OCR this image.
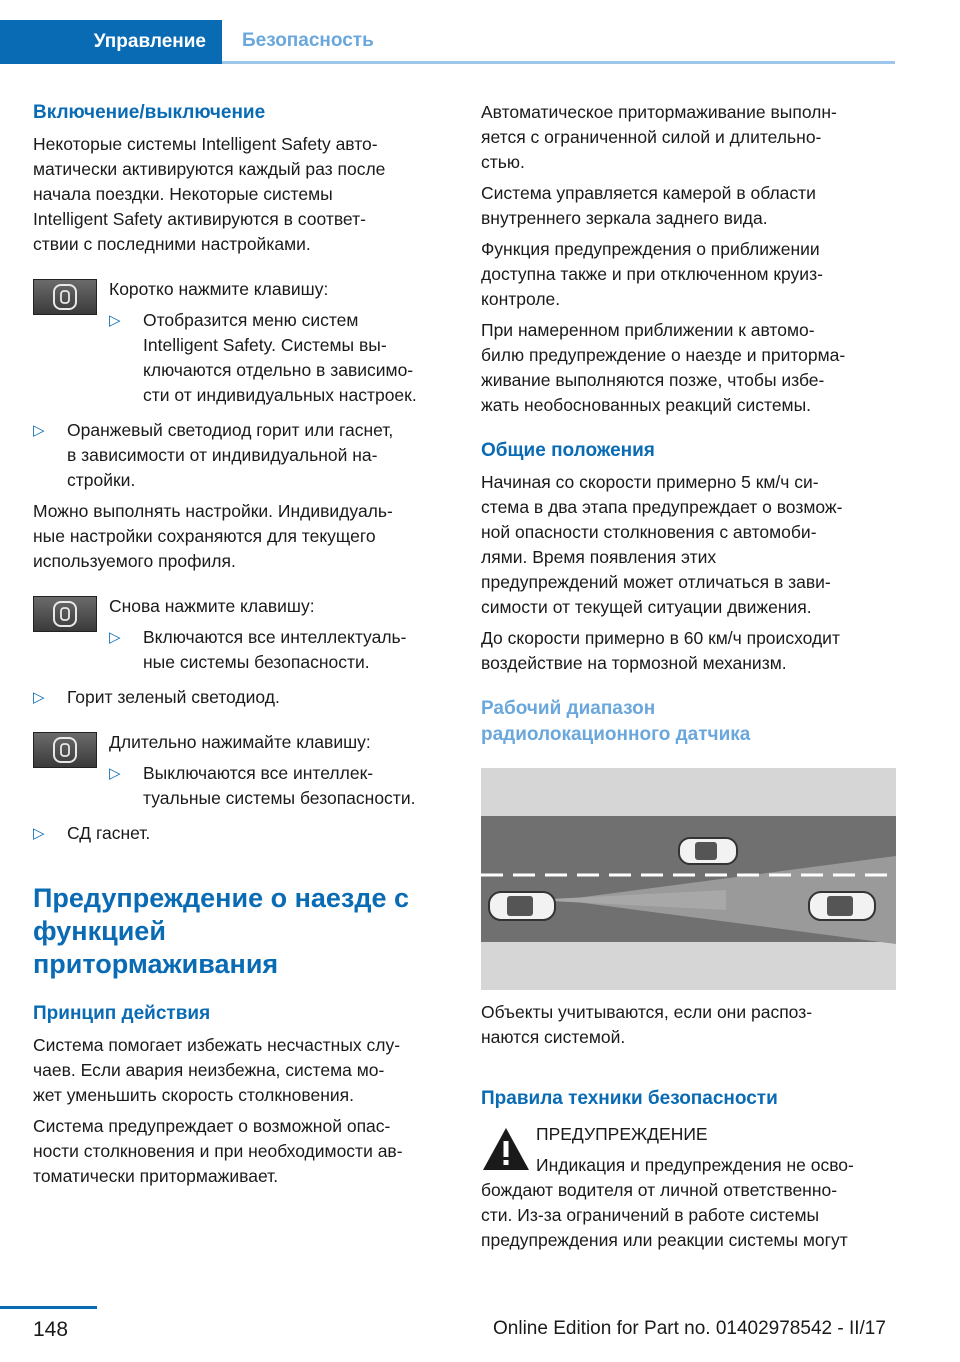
Управление	Безопасность
Включение/выключение

Некоторые системы Intelligent Safety авто-
матически активируются каждый раз после
начала поездки. Некоторые системы
Intelligent Safety активируются в соответ-
ствии с последними настройками.

Коротко нажмите клавишу:

▷ Отобразится меню систем
Intelligent Safety. Системы вы-
ключаются отдельно в зависимо-
сти от индивидуальных настроек.
▷ Оранжевый светодиод горит или гаснет,
в зависимости от индивидуальной на-
стройки.

Можно выполнять настройки. Индивидуаль-
ные настройки сохраняются для текущего
используемого профиля.

Снова нажмите клавишу:

▷ Включаются все интеллектуаль-
ные системы безопасности.
▷ Горит зеленый светодиод.

Длительно нажимайте клавишу:

▷ Выключаются все интеллек-
туальные системы безопасности.
▷ СД гаснет.
Предупреждение о наезде с
функцией
притормаживания
Принцип действия

Система помогает избежать несчастных слу-
чаев. Если авария неизбежна, система мо-
жет уменьшить скорость столкновения.

Система предупреждает о возможной опас-
ности столкновения и при необходимости ав-
томатически притормаживает.

Автоматическое притормаживание выполн-
яется с ограниченной силой и длительно-
стью.

Система управляется камерой в области
внутреннего зеркала заднего вида.

Функция предупреждения о приближении
доступна также и при отключенном круиз-
контроле.

При намеренном приближении к автомо-
билю предупреждение о наезде и приторма-
живание выполняются позже, чтобы избе-
жать необоснованных реакций системы.

Общие положения

Начиная со скорости примерно 5 км/ч си-
стема в два этапа предупреждает о возмож-
ной опасности столкновения с автомоби-
лями. Время появления этих
предупреждений может отличаться в зави-
симости от текущей ситуации движения.

До скорости примерно в 60 км/ч происходит
воздействие на тормозной механизм.

Рабочий диапазон
радиолокационного датчика

Объекты учитываются, если они распоз-
наются системой.

Правила техники безопасности

ПРЕДУПРЕЖДЕНИЕ

Индикация и предупреждения не осво-

бождают водителя от личной ответственно-
сти. Из-за ограничений в работе системы
предупреждения или реакции системы могут

148	Online Edition for Part no. 01402978542 - II/17
